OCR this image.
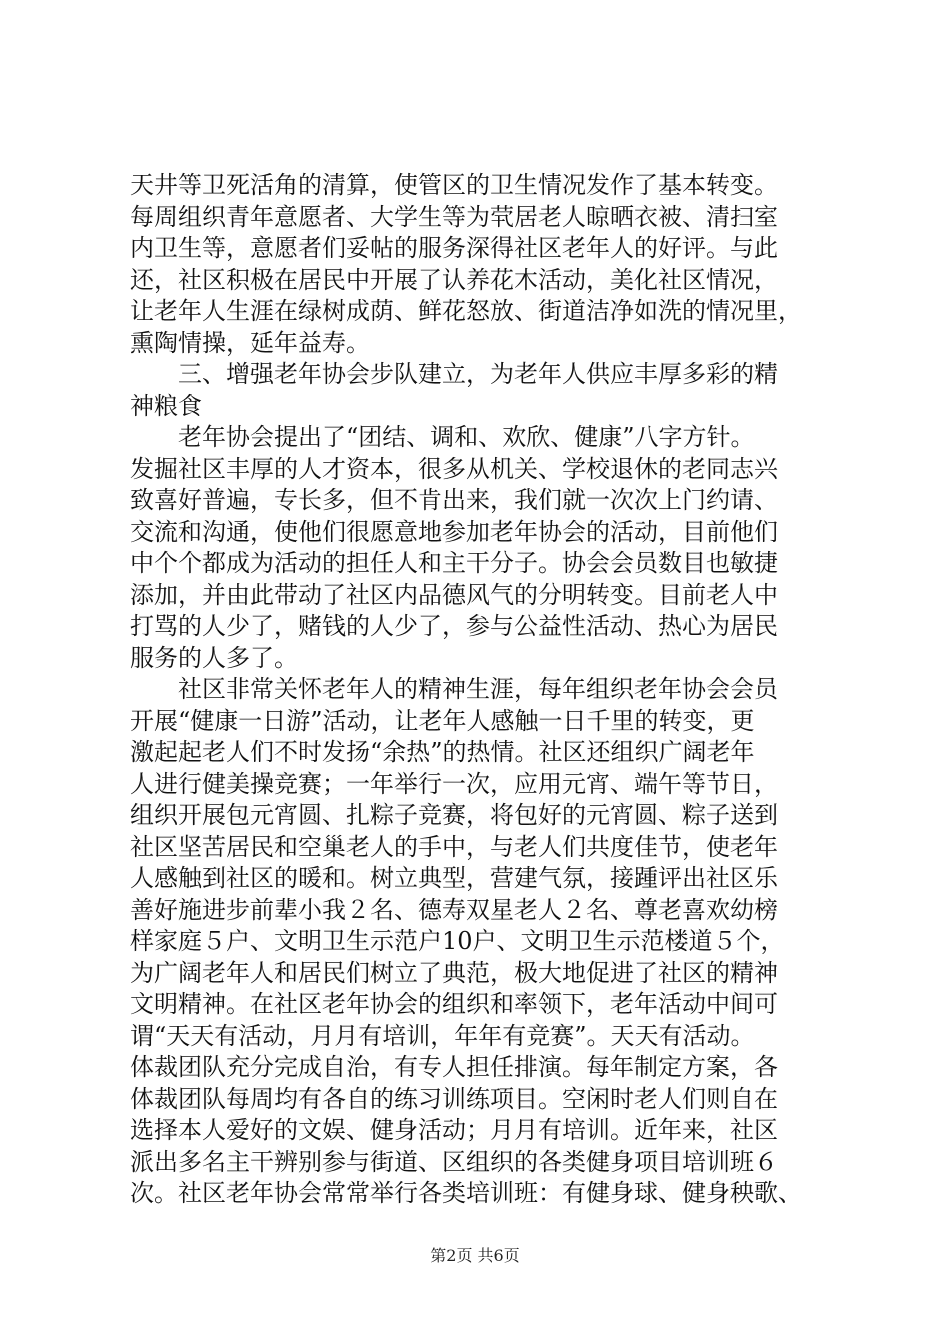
天井等卫死活角的清算，使管区的卫生情况发作了基本转变。
每周组织青年意愿者、大学生等为茕居老人晾晒衣被、清扫室
内卫生等，意愿者们妥帖的服务深得社区老年人的好评。与此
还，社区积极在居民中开展了认养花木活动，美化社区情况，
让老年人生涯在绿树成荫、鲜花怒放、街道洁净如洗的情况里，
熏陶情操，延年益寿。
三、增强老年协会步队建立，为老年人供应丰厚多彩的精
神粮食
老年协会提出了“团结、调和、欢欣、健康”八字方针。
发掘社区丰厚的人才资本，很多从机关、学校退休的老同志兴
致喜好普遍，专长多，但不肯出来，我们就一次次上门约请、
交流和沟通，使他们很愿意地参加老年协会的活动，目前他们
中个个都成为活动的担任人和主干分子。协会会员数目也敏捷
添加，并由此带动了社区内品德风气的分明转变。目前老人中
打骂的人少了，赌钱的人少了，参与公益性活动、热心为居民
服务的人多了。
社区非常关怀老年人的精神生涯，每年组织老年协会会员
开展“健康一日游”活动，让老年人感触一日千里的转变，更
激起起老人们不时发扬“余热”的热情。社区还组织广阔老年
人进行健美操竞赛；一年举行一次，应用元宵、端午等节日，
组织开展包元宵圆、扎粽子竞赛，将包好的元宵圆、粽子送到
社区坚苦居民和空巢老人的手中，与老人们共度佳节，使老年
人感触到社区的暖和。树立典型，营建气氛，接踵评出社区乐
善好施进步前辈小我２名、德寿双星老人２名、尊老喜欢幼榜
样家庭５户、文明卫生示范户10户、文明卫生示范楼道５个，
为广阔老年人和居民们树立了典范，极大地促进了社区的精神
文明精神。在社区老年协会的组织和率领下，老年活动中间可
谓“天天有活动，月月有培训，年年有竞赛”。天天有活动。
体裁团队充分完成自治，有专人担任排演。每年制定方案，各
体裁团队每周均有各自的练习训练项目。空闲时老人们则自在
选择本人爱好的文娱、健身活动；月月有培训。近年来，社区
派出多名主干辨别参与街道、区组织的各类健身项目培训班６
次。社区老年协会常常举行各类培训班：有健身球、健身秧歌、
第2页 共6页
